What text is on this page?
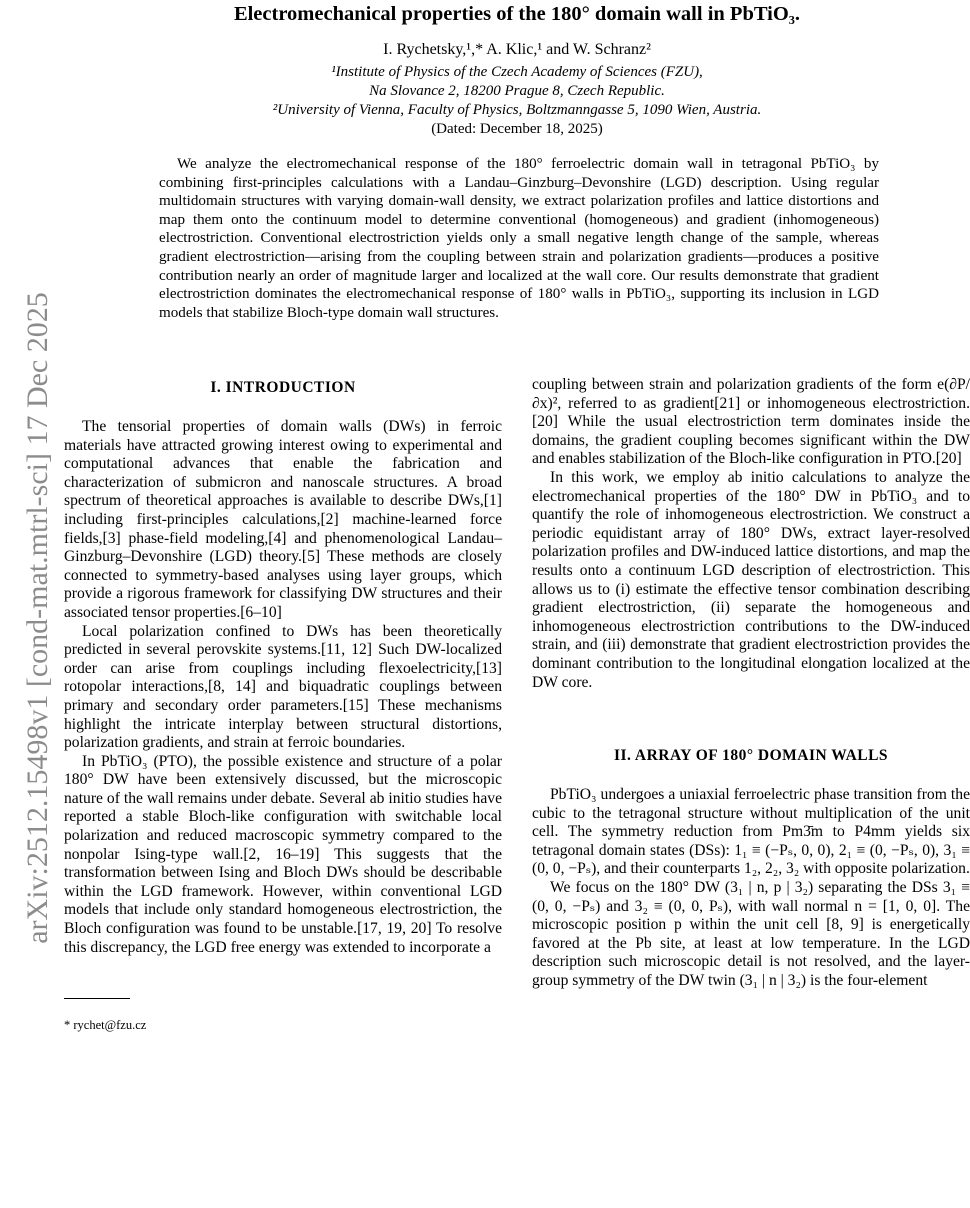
arXiv:2512.15498v1 [cond-mat.mtrl-sci] 17 Dec 2025
Electromechanical properties of the 180° domain wall in PbTiO₃.
I. Rychetsky,¹,* A. Klic,¹ and W. Schranz²
¹Institute of Physics of the Czech Academy of Sciences (FZU),
Na Slovance 2, 18200 Prague 8, Czech Republic.
²University of Vienna, Faculty of Physics, Boltzmanngasse 5, 1090 Wien, Austria.
(Dated: December 18, 2025)

We analyze the electromechanical response of the 180° ferroelectric domain wall in tetragonal PbTiO₃ by combining first-principles calculations with a Landau–Ginzburg–Devonshire (LGD) description. Using regular multidomain structures with varying domain-wall density, we extract polarization profiles and lattice distortions and map them onto the continuum model to determine conventional (homogeneous) and gradient (inhomogeneous) electrostriction. Conventional electrostriction yields only a small negative length change of the sample, whereas gradient electrostriction—arising from the coupling between strain and polarization gradients—produces a positive contribution nearly an order of magnitude larger and localized at the wall core. Our results demonstrate that gradient electrostriction dominates the electromechanical response of 180° walls in PbTiO₃, supporting its inclusion in LGD models that stabilize Bloch-type domain wall structures.

I. INTRODUCTION

The tensorial properties of domain walls (DWs) in ferroic materials have attracted growing interest owing to experimental and computational advances that enable the fabrication and characterization of submicron and nanoscale structures. A broad spectrum of theoretical approaches is available to describe DWs,[1] including first-principles calculations,[2] machine-learned force fields,[3] phase-field modeling,[4] and phenomenological Landau–Ginzburg–Devonshire (LGD) theory.[5] These methods are closely connected to symmetry-based analyses using layer groups, which provide a rigorous framework for classifying DW structures and their associated tensor properties.[6–10]

Local polarization confined to DWs has been theoretically predicted in several perovskite systems.[11, 12] Such DW-localized order can arise from couplings including flexoelectricity,[13] rotopolar interactions,[8, 14] and biquadratic couplings between primary and secondary order parameters.[15] These mechanisms highlight the intricate interplay between structural distortions, polarization gradients, and strain at ferroic boundaries.

In PbTiO₃ (PTO), the possible existence and structure of a polar 180° DW have been extensively discussed, but the microscopic nature of the wall remains under debate. Several ab initio studies have reported a stable Bloch-like configuration with switchable local polarization and reduced macroscopic symmetry compared to the nonpolar Ising-type wall.[2, 16–19] This suggests that the transformation between Ising and Bloch DWs should be describable within the LGD framework. However, within conventional LGD models that include only standard homogeneous electrostriction, the Bloch configuration was found to be unstable.[17, 19, 20] To resolve this discrepancy, the LGD free energy was extended to incorporate a

* rychet@fzu.cz

coupling between strain and polarization gradients of the form e(∂P/∂x)², referred to as gradient[21] or inhomogeneous electrostriction.[20] While the usual electrostriction term dominates inside the domains, the gradient coupling becomes significant within the DW and enables stabilization of the Bloch-like configuration in PTO.[20]

In this work, we employ ab initio calculations to analyze the electromechanical properties of the 180° DW in PbTiO₃ and to quantify the role of inhomogeneous electrostriction. We construct a periodic equidistant array of 180° DWs, extract layer-resolved polarization profiles and DW-induced lattice distortions, and map the results onto a continuum LGD description of electrostriction. This allows us to (i) estimate the effective tensor combination describing gradient electrostriction, (ii) separate the homogeneous and inhomogeneous electrostriction contributions to the DW-induced strain, and (iii) demonstrate that gradient electrostriction provides the dominant contribution to the longitudinal elongation localized at the DW core.

II. ARRAY OF 180° DOMAIN WALLS

PbTiO₃ undergoes a uniaxial ferroelectric phase transition from the cubic to the tetragonal structure without multiplication of the unit cell. The symmetry reduction from Pm3̄m to P4mm yields six tetragonal domain states (DSs): 1₁ ≡ (−Pₛ, 0, 0), 2₁ ≡ (0, −Pₛ, 0), 3₁ ≡ (0, 0, −Pₛ), and their counterparts 1₂, 2₂, 3₂ with opposite polarization.

We focus on the 180° DW (3₁ | n, p | 3₂) separating the DSs 3₁ ≡ (0, 0, −Pₛ) and 3₂ ≡ (0, 0, Pₛ), with wall normal n = [1, 0, 0]. The microscopic position p within the unit cell [8, 9] is energetically favored at the Pb site, at least at low temperature. In the LGD description such microscopic detail is not resolved, and the layer-group symmetry of the DW twin (3₁ | n | 3₂) is the four-element
